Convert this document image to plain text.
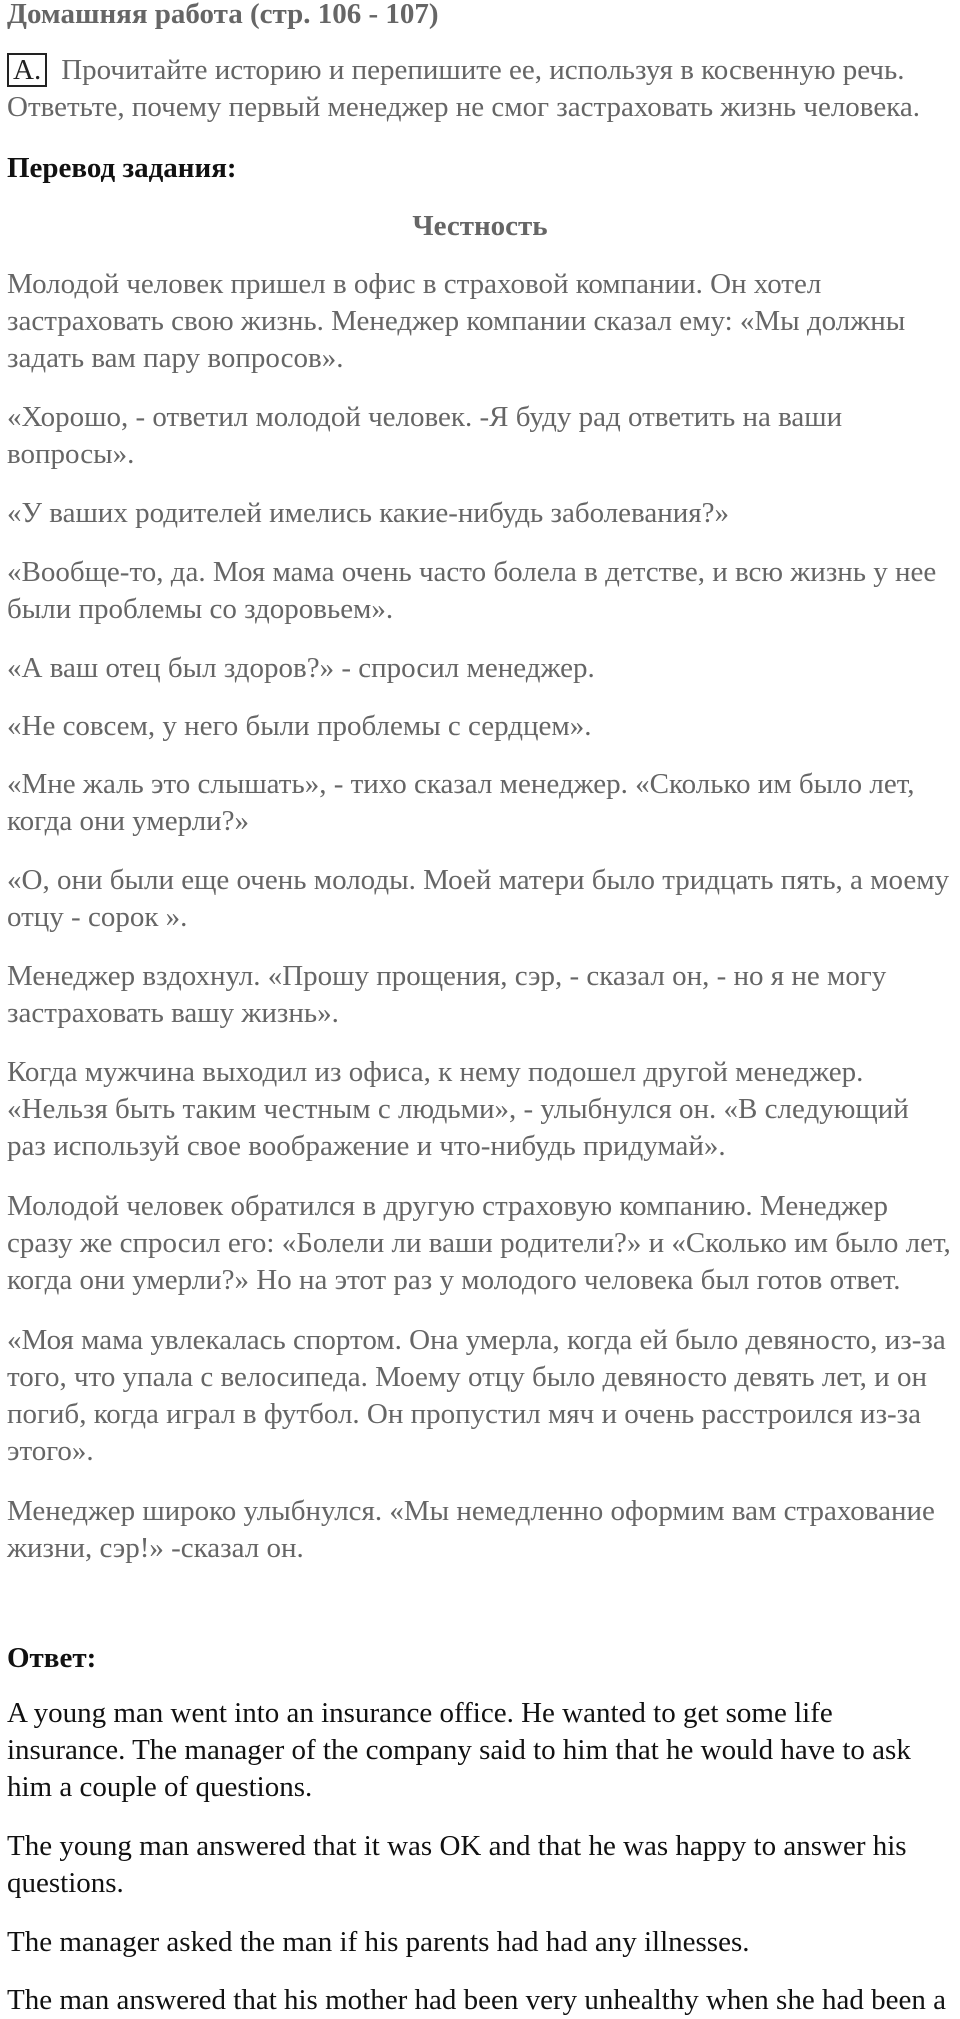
Домашняя работа (стр. 106 - 107)

A. Прочитайте историю и перепишите ее, используя в косвенную речь. Ответьте, почему первый менеджер не смог застраховать жизнь человека.

Перевод задания:

Честность

Молодой человек пришел в офис в страховой компании. Он хотел застраховать свою жизнь. Менеджер компании сказал ему: «Мы должны задать вам пару вопросов».

«Хорошо, - ответил молодой человек. -Я буду рад ответить на ваши вопросы».

«У ваших родителей имелись какие-нибудь заболевания?»

«Вообще-то, да. Моя мама очень часто болела в детстве, и всю жизнь у нее были проблемы со здоровьем».

«А ваш отец был здоров?» - спросил менеджер.

«Не совсем, у него были проблемы с сердцем».

«Мне жаль это слышать», - тихо сказал менеджер. «Сколько им было лет, когда они умерли?»

«О, они были еще очень молоды. Моей матери было тридцать пять, а моему отцу - сорок ».

Менеджер вздохнул. «Прошу прощения, сэр, - сказал он, - но я не могу застраховать вашу жизнь».

Когда мужчина выходил из офиса, к нему подошел другой менеджер. «Нельзя быть таким честным с людьми», - улыбнулся он. «В следующий раз используй свое воображение и что-нибудь придумай».

Молодой человек обратился в другую страховую компанию. Менеджер сразу же спросил его: «Болели ли ваши родители?» и «Сколько им было лет, когда они умерли?» Но на этот раз у молодого человека был готов ответ.

«Моя мама увлекалась спортом. Она умерла, когда ей было девяносто, из-за того, что упала с велосипеда. Моему отцу было девяносто девять лет, и он погиб, когда играл в футбол. Он пропустил мяч и очень расстроился из-за этого».

Менеджер широко улыбнулся. «Мы немедленно оформим вам страхование жизни, сэр!» -сказал он.

Ответ:

A young man went into an insurance office. He wanted to get some life insurance. The manager of the company said to him that he would have to ask him a couple of questions.

The young man answered that it was OK and that he was happy to answer his questions.

The manager asked the man if his parents had had any illnesses.

The man answered that his mother had been very unhealthy when she had been a
